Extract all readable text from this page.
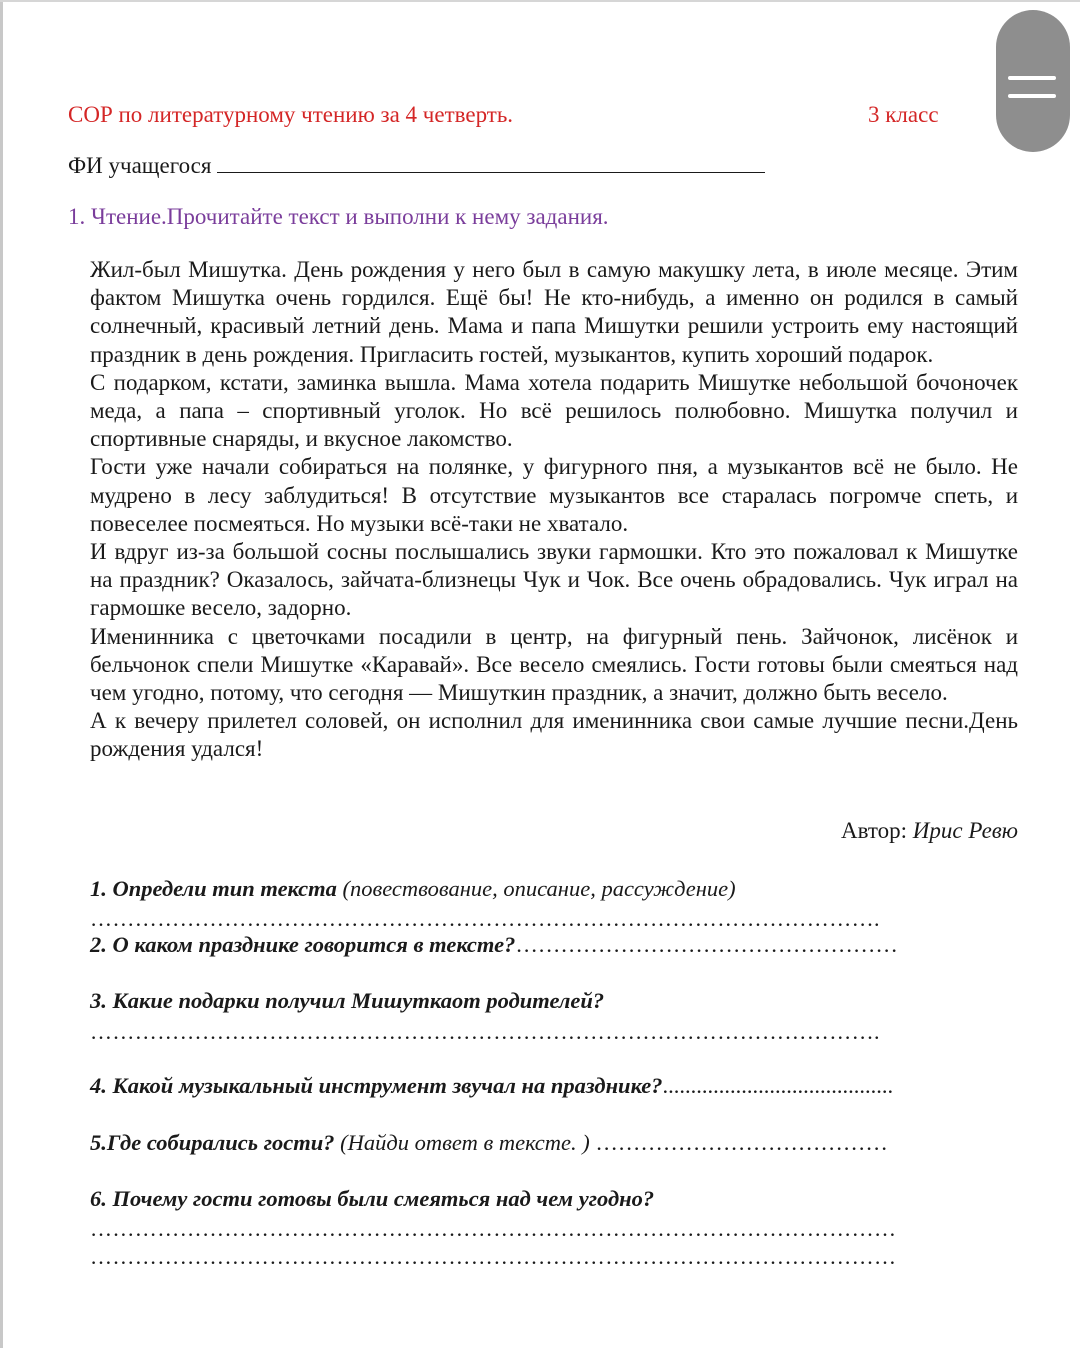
СОР по литературному чтению за 4 четверть.	3 класс
ФИ учащегося
1. Чтение.Прочитайте текст и выполни к нему задания.

Жил-был Мишутка. День рождения у него был в самую макушку лета, в июле месяце. Этим фактом Мишутка очень гордился. Ещё бы! Не кто-нибудь, а именно он родился в самый солнечный, красивый летний день. Мама и папа Мишутки решили устроить ему настоящий праздник в день рождения. Пригласить гостей, музыкантов, купить хороший подарок.

С подарком, кстати, заминка вышла. Мама хотела подарить Мишутке небольшой бочоночек меда, а папа – спортивный уголок. Но всё решилось полюбовно. Мишутка получил и спортивные снаряды, и вкусное лакомство.

Гости уже начали собираться на полянке, у фигурного пня, а музыкантов всё не было. Не мудрено в лесу заблудиться! В отсутствие музыкантов все старалась погромче спеть, и повеселее посмеяться. Но музыки всё-таки не хватало.

И вдруг из-за большой сосны послышались звуки гармошки. Кто это пожаловал к Мишутке на праздник? Оказалось, зайчата-близнецы Чук и Чок. Все очень обрадовались. Чук играл на гармошке весело, задорно.

Именинника с цветочками посадили в центр, на фигурный пень. Зайчонок, лисёнок и бельчонок спели Мишутке «Каравай». Все весело смеялись. Гости готовы были смеяться над чем угодно, потому, что сегодня — Мишуткин праздник, а значит, должно быть весело.

А к вечеру прилетел соловей, он исполнил для именинника свои самые лучшие песни.День рождения удался!

Автор: Ирис Ревю
1. Определи тип текста (повествование, описание, рассуждение)
…………………………………………………………………………………………….
2. О каком празднике говорится в тексте?……………………………………………
3. Какие подарки получил Мишуткаот родителей?
…………………………………………………………………………………………….
4. Какой музыкальный инструмент звучал на празднике?.........................................
5.Где собирались гости? (Найди ответ в тексте. ) …………………………………
6. Почему гости готовы были смеяться над чем угодно?
………………………………………………………………………………………………
………………………………………………………………………………………………
